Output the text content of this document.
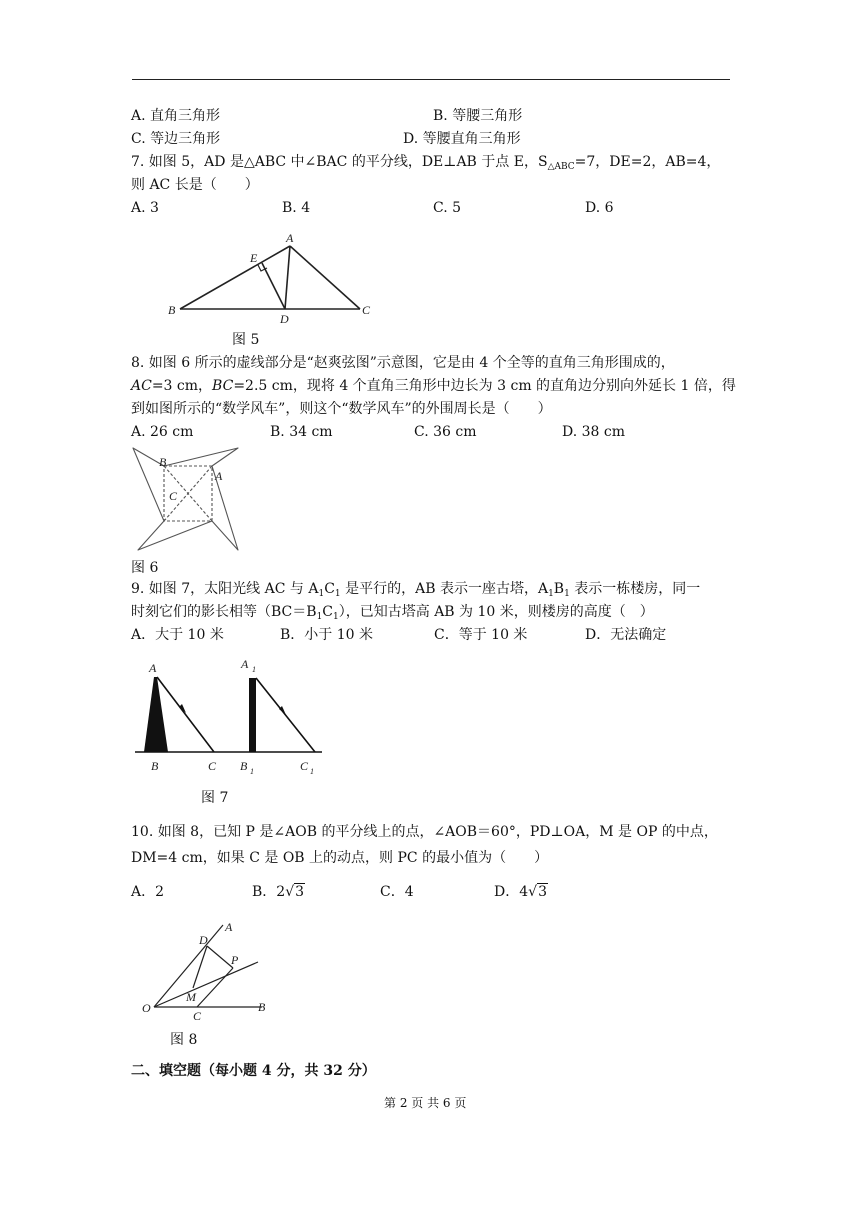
A. 直角三角形	B. 等腰三角形
C. 等边三角形	D. 等腰直角三角形
7. 如图 5，AD 是△ABC 中∠BAC 的平分线，DE⊥AB 于点 E，$S_{\triangle ABC}=7$，DE=2，AB=4，
则 AC 长是（　　）
A. 3	B. 4	C. 5	D. 6
A
E
B
D
C
图 5
8. 如图 6 所示的虚线部分是“赵爽弦图”示意图，它是由 4 个全等的直角三角形围成的，
AC=3 cm，BC=2.5 cm，现将 4 个直角三角形中边长为 3 cm 的直角边分别向外延长 1 倍，得
到如图所示的“数学风车”，则这个“数学风车”的外围周长是（　　）
A. 26 cm	B. 34 cm	C. 36 cm	D. 38 cm
B
A
C
图 6
9. 如图 7，太阳光线 AC 与 $A_1C_1$ 是平行的，AB 表示一座古塔，$A_1B_1$ 表示一栋楼房，同一
时刻它们的影长相等$(BC=B_1C_1)$，已知古塔高 AB 为 10 米，则楼房的高度（　）
A．大于 10 米	B．小于 10 米	C．等于 10 米	D．无法确定
A
B	C
A 1
B 1	C 1
图 7
10. 如图 8，已知 P 是∠AOB 的平分线上的点，∠AOB＝60°，PD⊥OA，M 是 OP 的中点，
DM=4 cm，如果 C 是 OB 上的动点，则 PC 的最小值为（　　）
A．2	B．2√3	C．4	D．4√3
A
D
P
M
O
C
B
图 8
二、填空题（每小题 4 分，共 32 分）
第 2 页 共 6 页
